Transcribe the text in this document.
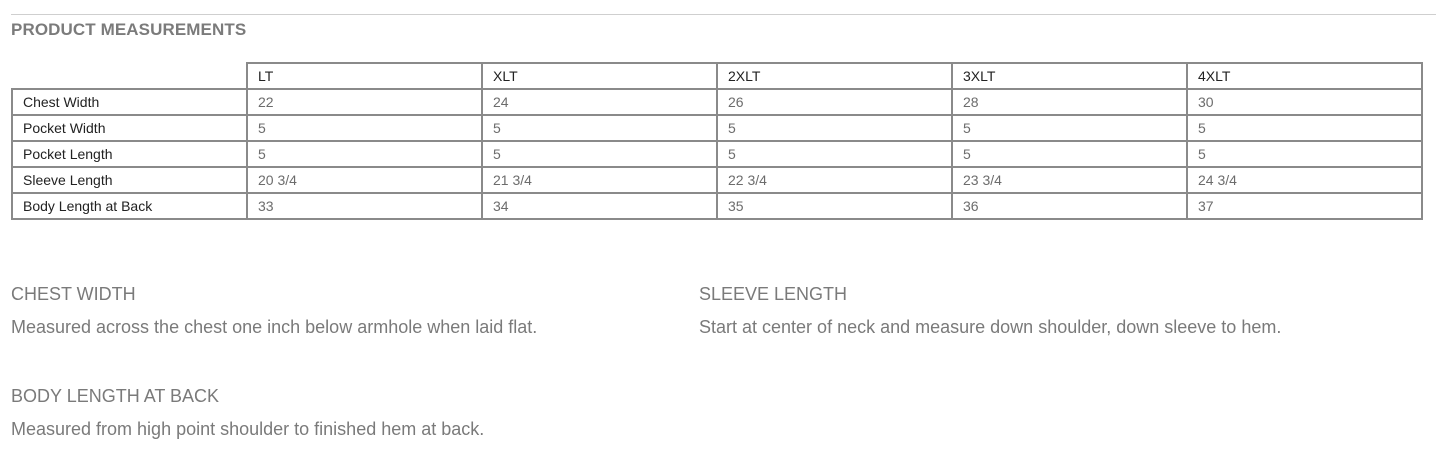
PRODUCT MEASUREMENTS
	LT	XLT	2XLT	3XLT	4XLT
Chest Width	22	24	26	28	30
Pocket Width	5	5	5	5	5
Pocket Length	5	5	5	5	5
Sleeve Length	20 3/4	21 3/4	22 3/4	23 3/4	24 3/4
Body Length at Back	33	34	35	36	37
CHEST WIDTH

Measured across the chest one inch below armhole when laid flat.

SLEEVE LENGTH

Start at center of neck and measure down shoulder, down sleeve to hem.

BODY LENGTH AT BACK

Measured from high point shoulder to finished hem at back.
